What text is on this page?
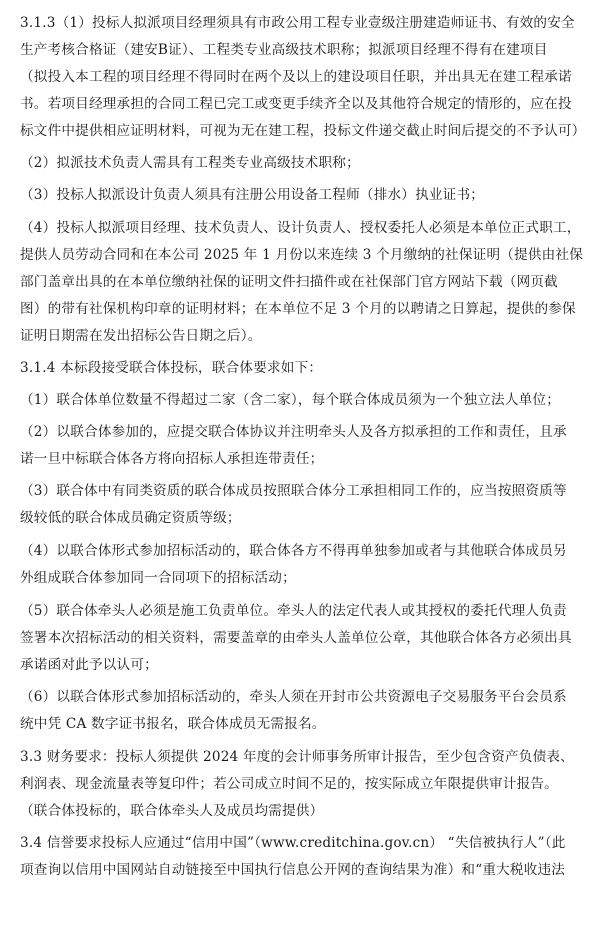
3.1.3（1）投标人拟派项目经理须具有市政公用工程专业壹级注册建造师证书、有效的安全
生产考核合格证（建安B证）、工程类专业高级技术职称；拟派项目经理不得有在建项目
（拟投入本工程的项目经理不得同时在两个及以上的建设项目任职，并出具无在建工程承诺
书。若项目经理承担的合同工程已完工或变更手续齐全以及其他符合规定的情形的，应在投
标文件中提供相应证明材料，可视为无在建工程，投标文件递交截止时间后提交的不予认可）
（2）拟派技术负责人需具有工程类专业高级技术职称；
（3）投标人拟派设计负责人须具有注册公用设备工程师（排水）执业证书；
（4）投标人拟派项目经理、技术负责人、设计负责人、授权委托人必须是本单位正式职工，
提供人员劳动合同和在本公司 2025 年 1 月份以来连续 3 个月缴纳的社保证明（提供由社保
部门盖章出具的在本单位缴纳社保的证明文件扫描件或在社保部门官方网站下载（网页截
图）的带有社保机构印章的证明材料；在本单位不足 3 个月的以聘请之日算起，提供的参保
证明日期需在发出招标公告日期之后）。
3.1.4 本标段接受联合体投标，联合体要求如下：
（1）联合体单位数量不得超过二家（含二家），每个联合体成员须为一个独立法人单位；
（2）以联合体参加的，应提交联合体协议并注明牵头人及各方拟承担的工作和责任，且承
诺一旦中标联合体各方将向招标人承担连带责任；
（3）联合体中有同类资质的联合体成员按照联合体分工承担相同工作的，应当按照资质等
级较低的联合体成员确定资质等级；
（4）以联合体形式参加招标活动的，联合体各方不得再单独参加或者与其他联合体成员另
外组成联合体参加同一合同项下的招标活动；
（5）联合体牵头人必须是施工负责单位。牵头人的法定代表人或其授权的委托代理人负责
签署本次招标活动的相关资料，需要盖章的由牵头人盖单位公章，其他联合体各方必须出具
承诺函对此予以认可；
（6）以联合体形式参加招标活动的，牵头人须在开封市公共资源电子交易服务平台会员系
统中凭 CA 数字证书报名，联合体成员无需报名。
3.3 财务要求：投标人须提供 2024 年度的会计师事务所审计报告，至少包含资产负债表、
利润表、现金流量表等复印件；若公司成立时间不足的，按实际成立年限提供审计报告。
（联合体投标的，联合体牵头人及成员均需提供）
3.4 信誉要求投标人应通过“信用中国”（www.creditchina.gov.cn） “失信被执行人”（此
项查询以信用中国网站自动链接至中国执行信息公开网的查询结果为准）和“重大税收违法
